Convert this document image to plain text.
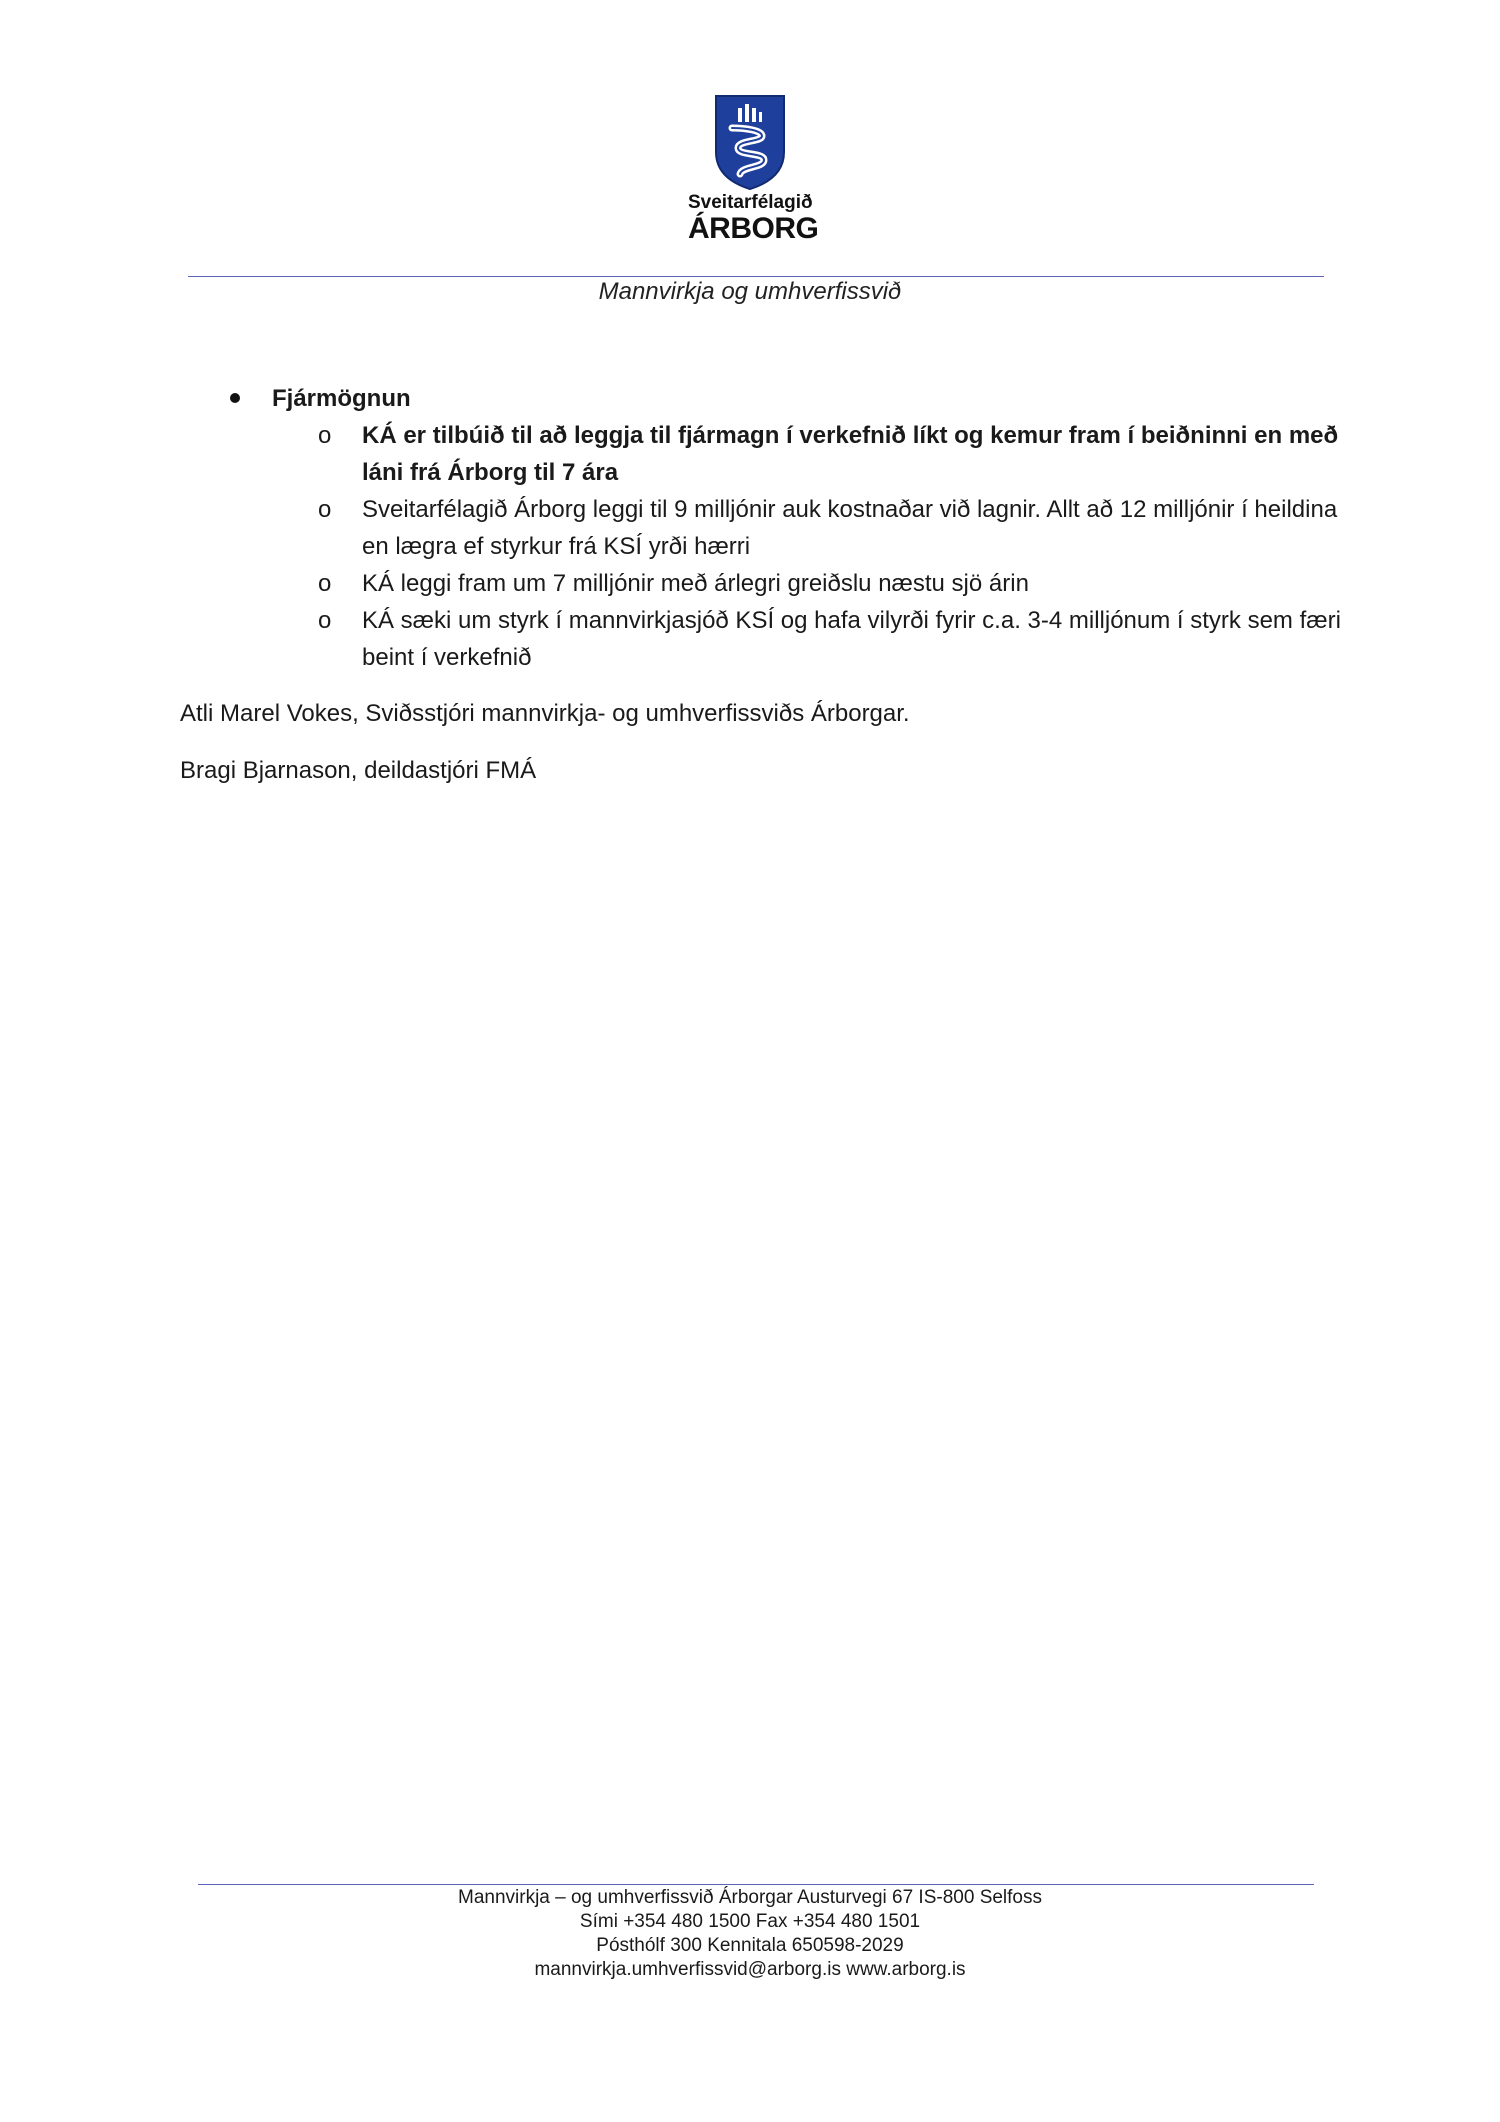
Sveitarfélagið
ÁRBORG
Mannvirkja og umhverfissvið
Fjármögnun
o KÁ er tilbúið til að leggja til fjármagn í verkefnið líkt og kemur fram í beiðninni en með láni frá Árborg til 7 ára
o Sveitarfélagið Árborg leggi til 9 milljónir auk kostnaðar við lagnir. Allt að 12 milljónir í heildina en lægra ef styrkur frá KSÍ yrði hærri
o KÁ leggi fram um 7 milljónir með árlegri greiðslu næstu sjö árin
o KÁ sæki um styrk í mannvirkjasjóð KSÍ og hafa vilyrði fyrir c.a. 3-4 milljónum í styrk sem færi beint í verkefnið
Atli Marel Vokes, Sviðsstjóri mannvirkja- og umhverfissviðs Árborgar.
Bragi Bjarnason, deildastjóri FMÁ
Mannvirkja – og umhverfissvið Árborgar Austurvegi 67 IS-800 Selfoss
Sími +354 480 1500 Fax +354 480 1501
Pósthólf 300 Kennitala 650598-2029
mannvirkja.umhverfissvid@arborg.is www.arborg.is
